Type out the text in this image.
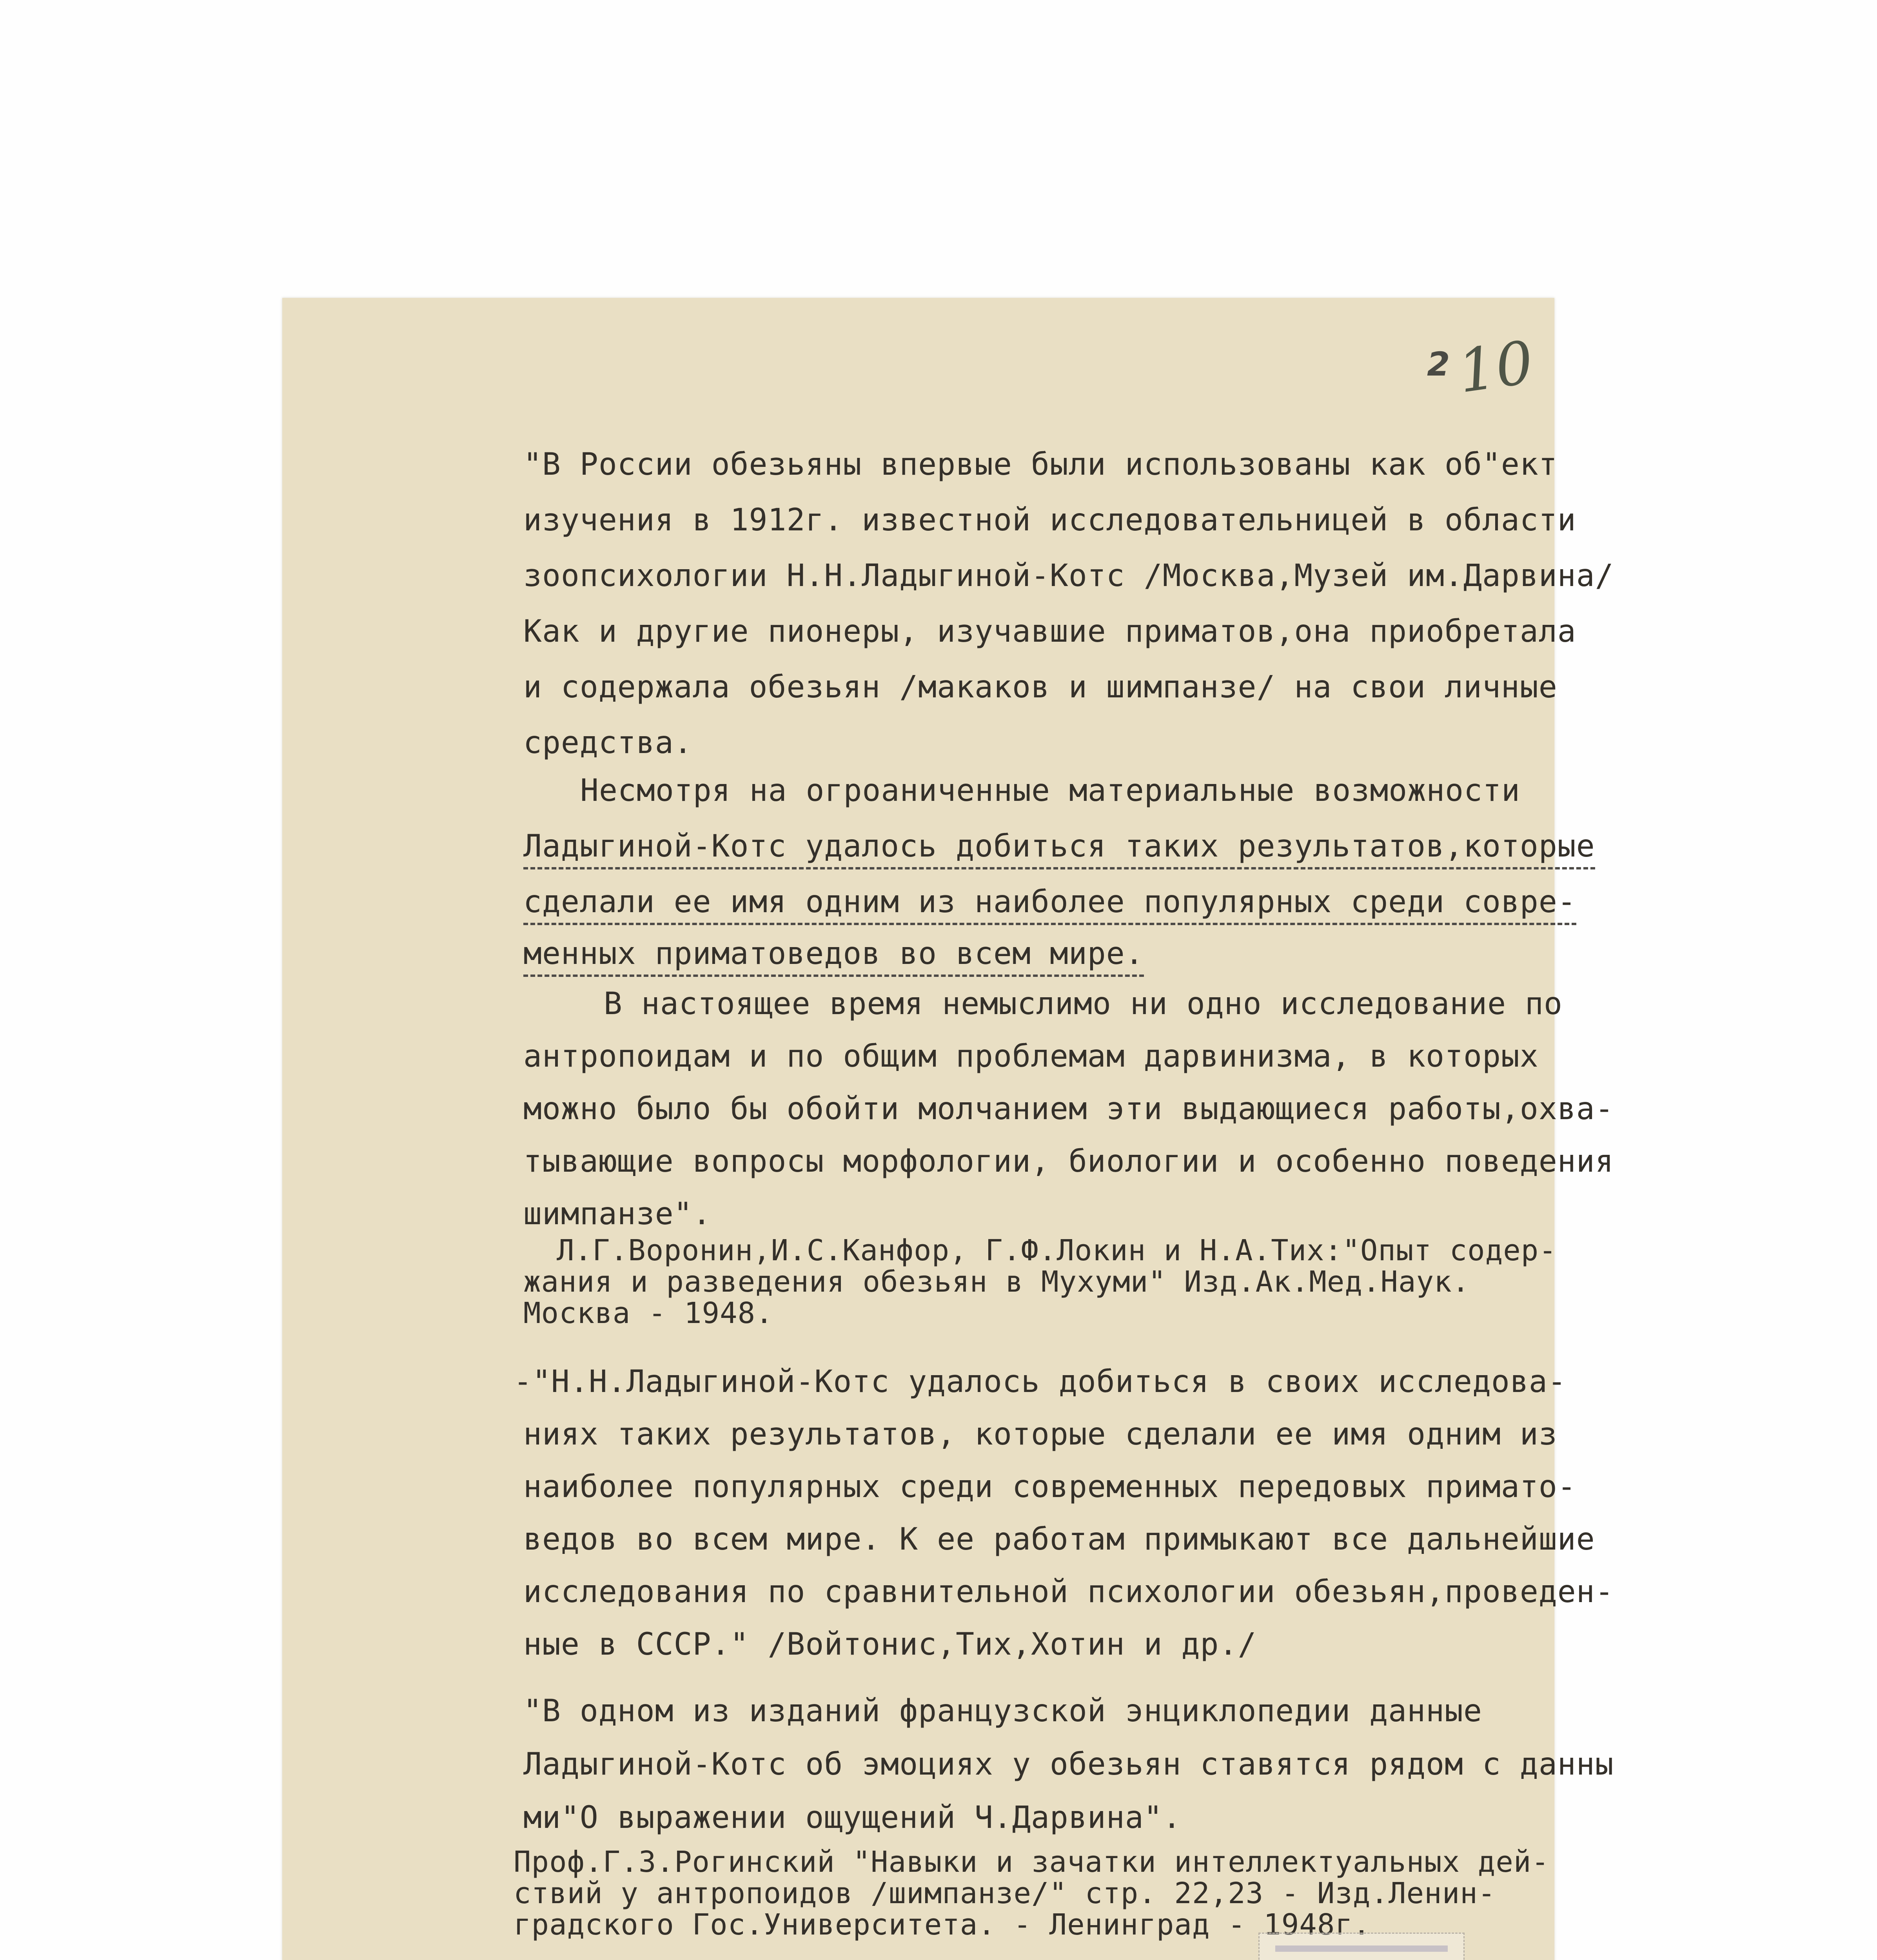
2 10
"В России обезьяны впервые были использованы как об"ект
изучения в 1912г. известной исследовательницей в области
зоопсихологии Н.Н.Ладыгиной-Котс /Москва,Музей им.Дарвина/
Как и другие пионеры, изучавшие приматов,она приобретала
и содержала обезьян /макаков и шимпанзе/ на свои личные
средства.
Несмотря на огроаниченные материальные возможности
Ладыгиной-Котс удалось добиться таких результатов,которые
сделали ее имя одним из наиболее популярных среди совре-
менных приматоведов во всем мире.
В настоящее время немыслимо ни одно исследование по
антропоидам и по общим проблемам дарвинизма, в которых
можно было бы обойти молчанием эти выдающиеся работы,охва-
тывающие вопросы морфологии, биологии и особенно поведения
шимпанзе".
Л.Г.Воронин,И.С.Канфор, Г.Ф.Локин и Н.А.Тих:"Опыт содер-
жания и разведения обезьян в Мухуми" Изд.Ак.Мед.Наук.
Москва - 1948.
-"Н.Н.Ладыгиной-Котс удалось добиться в своих исследова-
ниях таких результатов, которые сделали ее имя одним из
наиболее популярных среди современных передовых примато-
ведов во всем мире. К ее работам примыкают все дальнейшие
исследования по сравнительной психологии обезьян,проведен-
ные в СССР." /Войтонис,Тих,Хотин и др./
"В одном из изданий французской энциклопедии данные
Ладыгиной-Котс об эмоциях у обезьян ставятся рядом с данны
ми"О выражении ощущений Ч.Дарвина".
Проф.Г.З.Рогинский "Навыки и зачатки интеллектуальных дей-
ствий у антропоидов /шимпанзе/" стр. 22,23 - Изд.Ленин-
градского Гос.Университета. - Ленинград - 1948г.
